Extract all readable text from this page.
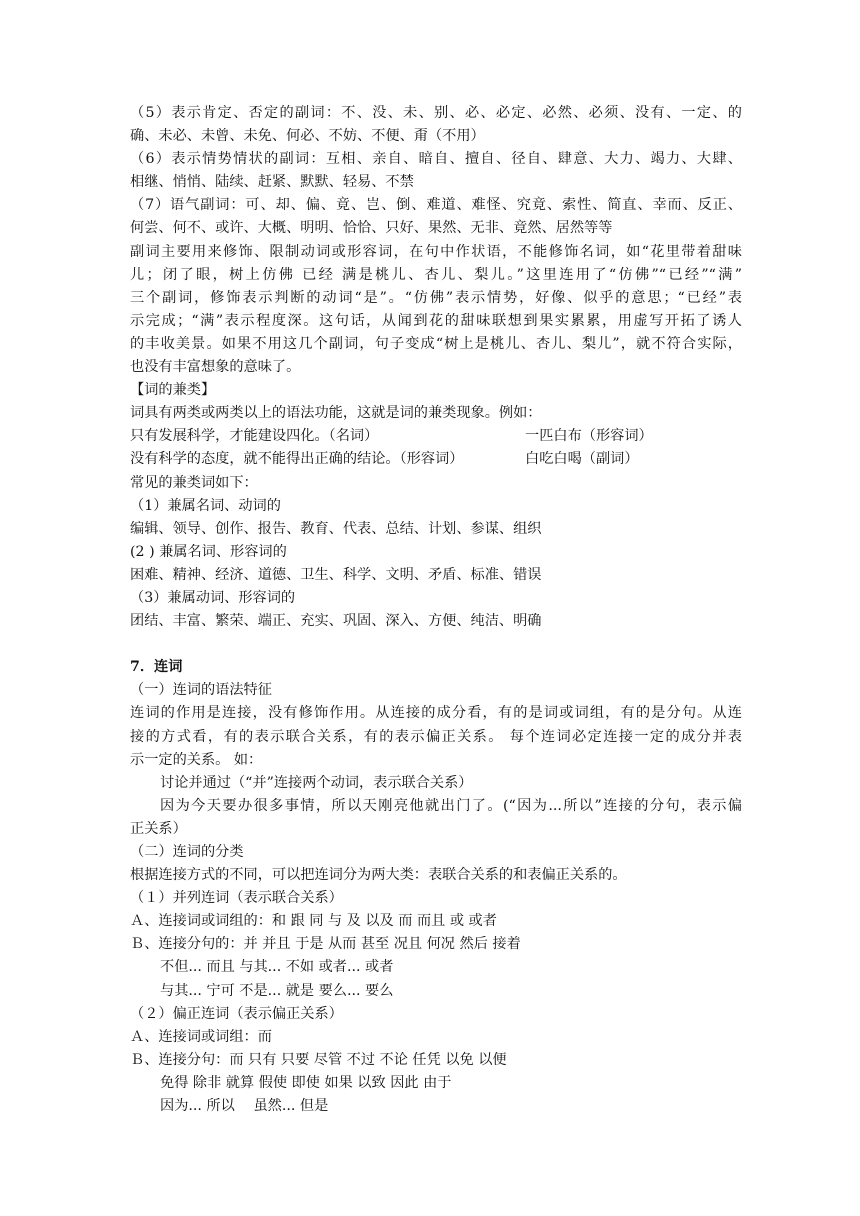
（5）表示肯定、否定的副词：不、没、未、别、必、必定、必然、必须、没有、一定、的
确、未必、未曾、未免、何必、不妨、不便、甭（不用）
（6）表示情势情状的副词：互相、亲自、暗自、擅自、径自、肆意、大力、竭力、大肆、
相继、悄悄、陆续、赶紧、默默、轻易、不禁
（7）语气副词：可、却、偏、竟、岂、倒、难道、难怪、究竟、索性、简直、幸而、反正、
何尝、何不、或许、大概、明明、恰恰、只好、果然、无非、竟然、居然等等
副词主要用来修饰、限制动词或形容词，在句中作状语，不能修饰名词，如“花里带着甜味
儿；闭了眼，树上仿佛 已经 满是桃儿、杏儿、梨儿。”这里连用了“仿佛”“已经”“满”
三个副词，修饰表示判断的动词“是”。“仿佛”表示情势，好像、似乎的意思；“已经”表
示完成；“满”表示程度深。这句话，从闻到花的甜味联想到果实累累，用虚写开拓了诱人
的丰收美景。如果不用这几个副词，句子变成“树上是桃儿、杏儿、梨儿”，就不符合实际，
也没有丰富想象的意味了。
【词的兼类】
词具有两类或两类以上的语法功能，这就是词的兼类现象。例如：
只有发展科学，才能建设四化。（名词）	一匹白布（形容词）
没有科学的态度，就不能得出正确的结论。（形容词）	白吃白喝（副词）
常见的兼类词如下：
（1）兼属名词、动词的
编辑、领导、创作、报告、教育、代表、总结、计划、参谋、组织
(2 ) 兼属名词、形容词的
困难、精神、经济、道德、卫生、科学、文明、矛盾、标准、错误
（3）兼属动词、形容词的
团结、丰富、繁荣、端正、充实、巩固、深入、方便、纯洁、明确
7．连词
（一）连词的语法特征
连词的作用是连接，没有修饰作用。从连接的成分看，有的是词或词组，有的是分句。从连
接的方式看，有的表示联合关系，有的表示偏正关系。 每个连词必定连接一定的成分并表
示一定的关系。 如：
讨论并通过（“并”连接两个动词，表示联合关系）
因为今天要办很多事情，所以天刚亮他就出门了。(“因为...所以”连接的分句，表示偏
正关系）
（二）连词的分类
根据连接方式的不同，可以把连词分为两大类：表联合关系的和表偏正关系的。
（１）并列连词（表示联合关系）
Ａ、连接词或词组的：和 跟 同 与 及 以及 而 而且 或 或者
Ｂ、连接分句的：并 并且 于是 从而 甚至 况且 何况 然后 接着
不但... 而且 与其... 不如 或者... 或者
与其... 宁可 不是... 就是 要么... 要么
（２）偏正连词（表示偏正关系）
Ａ、连接词或词组：而
Ｂ、连接分句：而 只有 只要 尽管 不过 不论 任凭 以免 以便
免得 除非 就算 假使 即使 如果 以致 因此 由于
因为... 所以　 虽然... 但是
